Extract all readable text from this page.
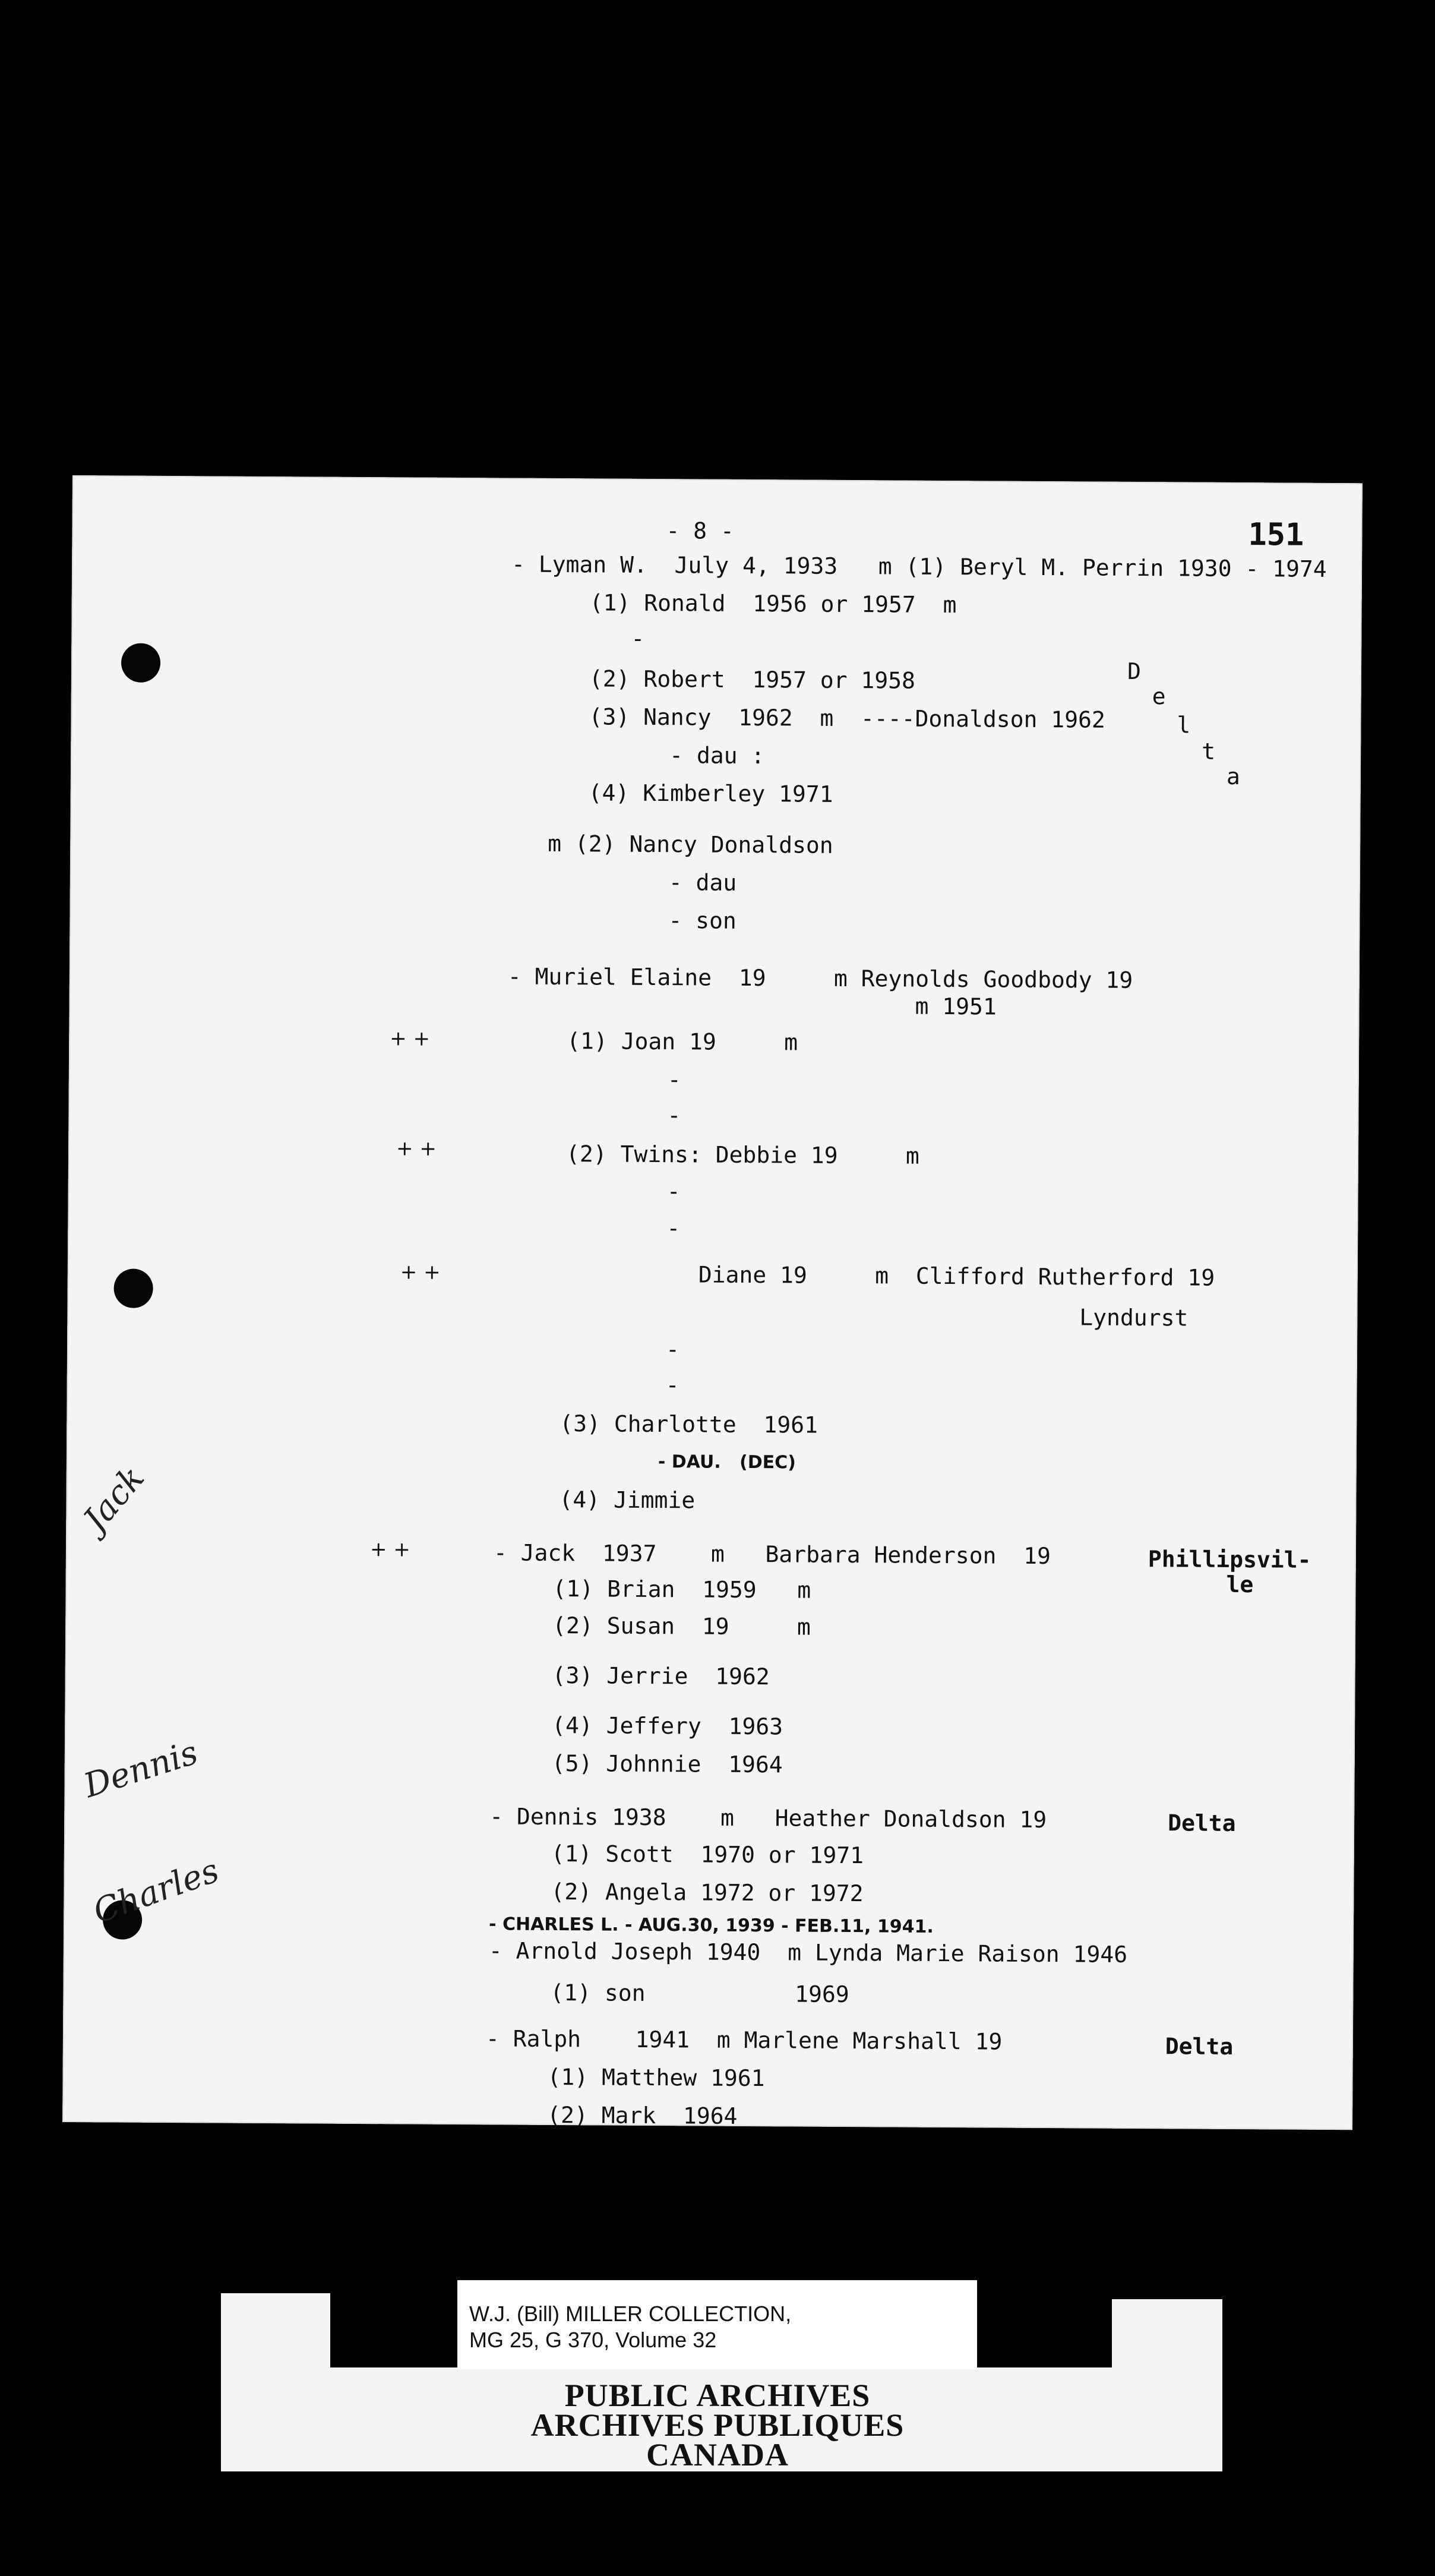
- 8 -	151
- Lyman W.  July 4, 1933   m (1) Beryl M. Perrin 1930 - 1974
(1) Ronald  1956 or 1957  m
-
(2) Robert  1957 or 1958
(3) Nancy  1962  m  ----Donaldson 1962
- dau :
(4) Kimberley 1971
D
e
l
t
a
m (2) Nancy Donaldson
- dau
- son
- Muriel Elaine  19     m Reynolds Goodbody 19
m 1951
+ +	(1) Joan 19     m
-
-
+ +	(2) Twins: Debbie 19     m
-
-
+ +	Diane 19     m  Clifford Rutherford 19
Lyndurst
-
-
(3) Charlotte  1961
- DAU.   (DEC)
(4) Jimmie
Jack
+ +	- Jack  1937    m   Barbara Henderson  19	Phillipsvil-
le
(1) Brian  1959   m
(2) Susan  19     m
(3) Jerrie  1962
(4) Jeffery  1963
(5) Johnnie  1964
Dennis
- Dennis 1938    m   Heather Donaldson 19	Delta
(1) Scott  1970 or 1971
(2) Angela 1972 or 1972
Charles	- CHARLES L. - AUG.30, 1939 - FEB.11, 1941.
- Arnold Joseph 1940  m Lynda Marie Raison 1946
(1) son           1969
- Ralph    1941  m Marlene Marshall 19	Delta
(1) Matthew 1961
(2) Mark  1964
W.J. (Bill) MILLER COLLECTION,
MG 25, G 370, Volume 32
PUBLIC ARCHIVES
ARCHIVES PUBLIQUES
CANADA
